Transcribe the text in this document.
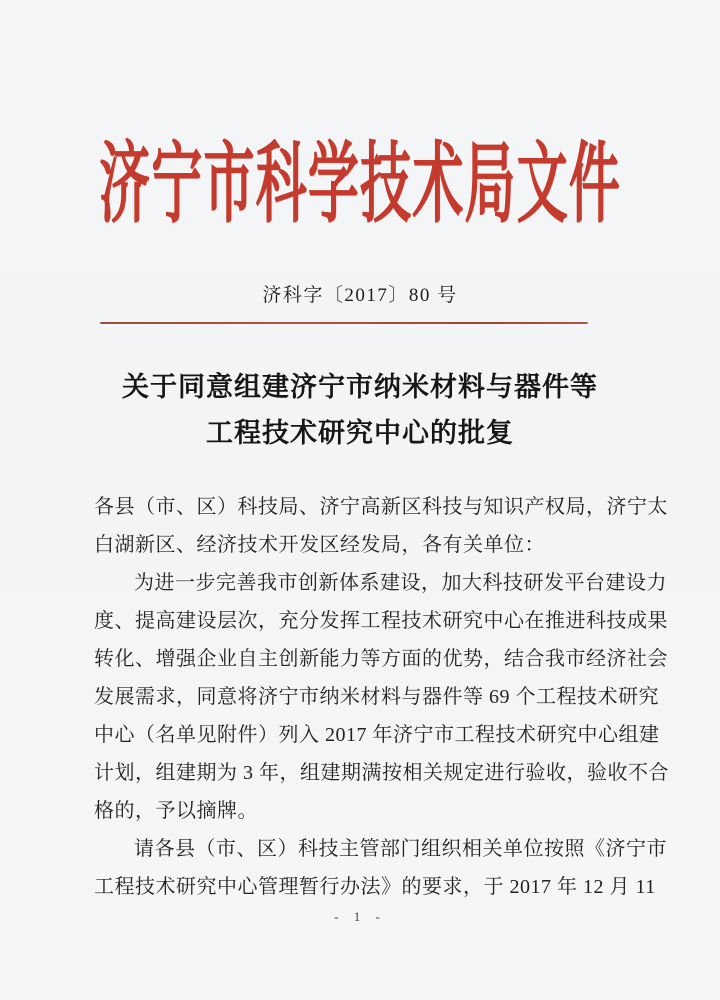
济宁市科学技术局文件
济科字〔2017〕80 号
关于同意组建济宁市纳米材料与器件等
工程技术研究中心的批复
各县（市、区）科技局、济宁高新区科技与知识产权局，济宁太
白湖新区、经济技术开发区经发局，各有关单位：
为进一步完善我市创新体系建设，加大科技研发平台建设力
度、提高建设层次，充分发挥工程技术研究中心在推进科技成果
转化、增强企业自主创新能力等方面的优势，结合我市经济社会
发展需求，同意将济宁市纳米材料与器件等 69 个工程技术研究
中心（名单见附件）列入 2017 年济宁市工程技术研究中心组建
计划，组建期为 3 年，组建期满按相关规定进行验收，验收不合
格的，予以摘牌。
请各县（市、区）科技主管部门组织相关单位按照《济宁市
工程技术研究中心管理暂行办法》的要求，于 2017 年 12 月 11
- 1 -
